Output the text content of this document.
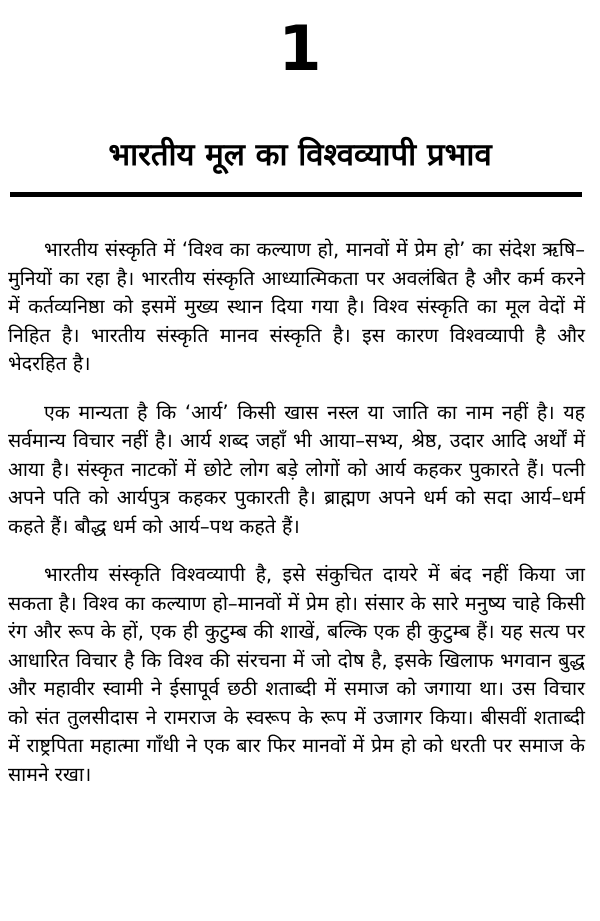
1
भारतीय मूल का विश्वव्यापी प्रभाव

भारतीय संस्कृति में ‘विश्व का कल्याण हो, मानवों में प्रेम हो’ का संदेश ऋषि–मुनियों का रहा है। भारतीय संस्कृति आध्यात्मिकता पर अवलंबित है और कर्म करने में कर्तव्यनिष्ठा को इसमें मुख्य स्थान दिया गया है। विश्व संस्कृति का मूल वेदों में निहित है। भारतीय संस्कृति मानव संस्कृति है। इस कारण विश्वव्यापी है और भेदरहित है।

एक मान्यता है कि ‘आर्य’ किसी खास नस्ल या जाति का नाम नहीं है। यह सर्वमान्य विचार नहीं है। आर्य शब्द जहाँ भी आया–सभ्य, श्रेष्ठ, उदार आदि अर्थों में आया है। संस्कृत नाटकों में छोटे लोग बड़े लोगों को आर्य कहकर पुकारते हैं। पत्नी अपने पति को आर्यपुत्र कहकर पुकारती है। ब्राह्मण अपने धर्म को सदा आर्य–धर्म कहते हैं। बौद्ध धर्म को आर्य–पथ कहते हैं।

भारतीय संस्कृति विश्वव्यापी है, इसे संकुचित दायरे में बंद नहीं किया जा सकता है। विश्व का कल्याण हो–मानवों में प्रेम हो। संसार के सारे मनुष्य चाहे किसी रंग और रूप के हों, एक ही कुटुम्ब की शाखें, बल्कि एक ही कुटुम्ब हैं। यह सत्य पर आधारित विचार है कि विश्व की संरचना में जो दोष है, इसके खिलाफ भगवान बुद्ध और महावीर स्वामी ने ईसापूर्व छठी शताब्दी में समाज को जगाया था। उस विचार को संत तुलसीदास ने रामराज के स्वरूप के रूप में उजागर किया। बीसवीं शताब्दी में राष्ट्रपिता महात्मा गाँधी ने एक बार फिर मानवों में प्रेम हो को धरती पर समाज के सामने रखा।
